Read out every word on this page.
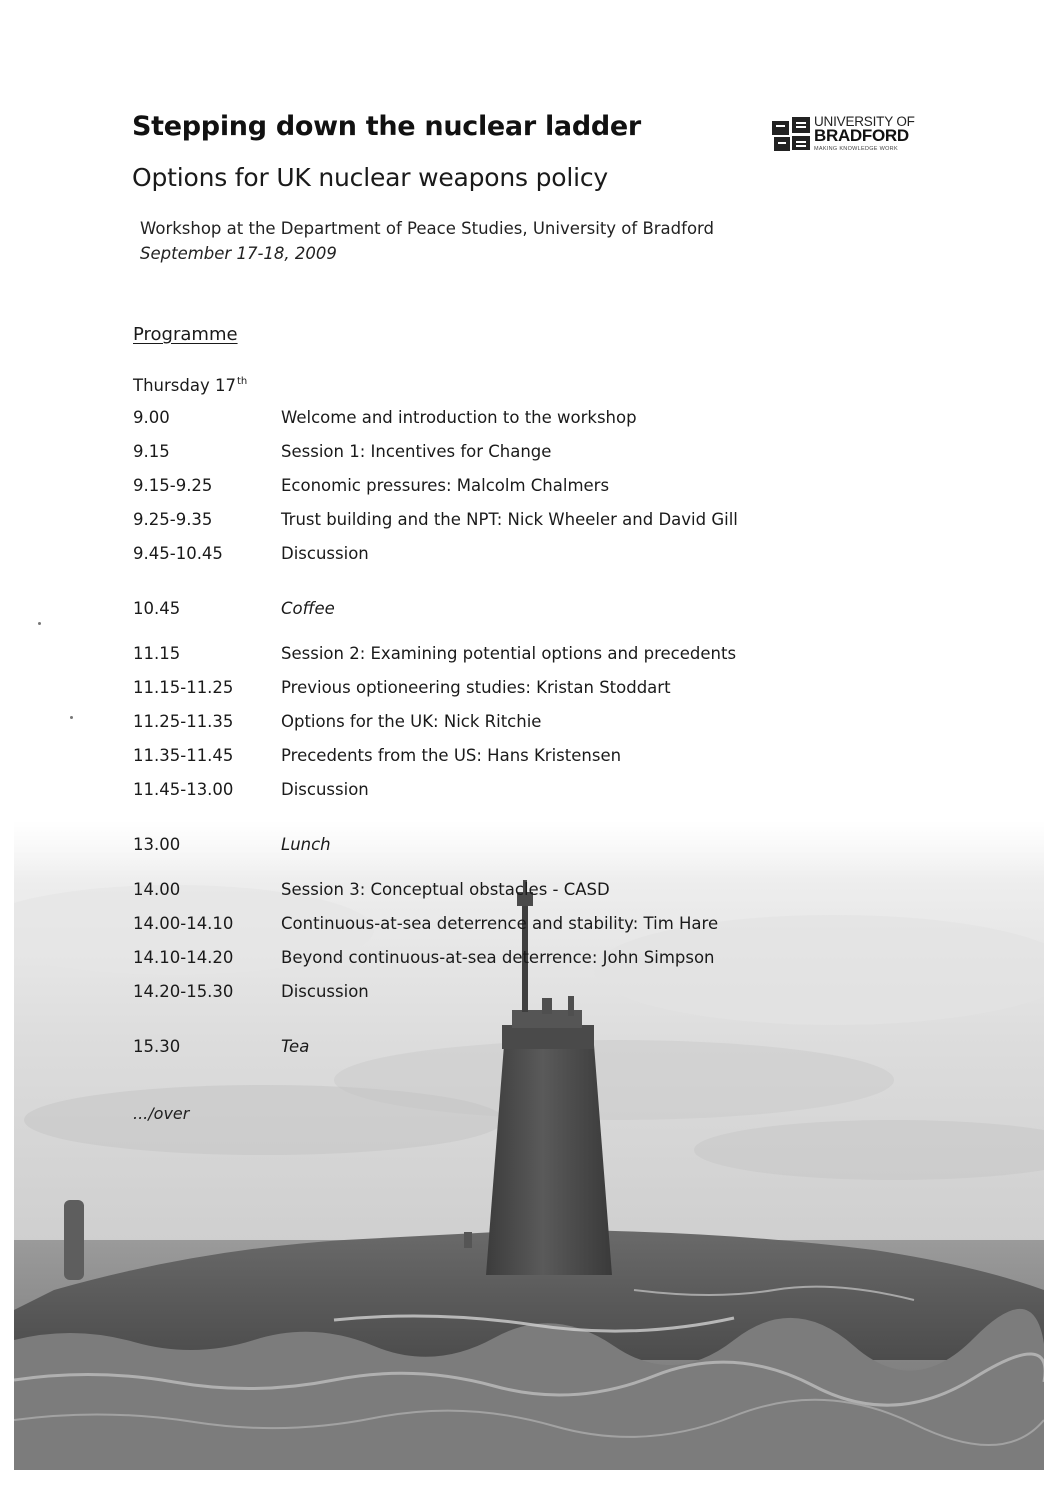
UNIVERSITY OF
BRADFORD
MAKING KNOWLEDGE WORK
Stepping down the nuclear ladder
Options for UK nuclear weapons policy
Workshop at the Department of Peace Studies, University of Bradford
September 17-18, 2009
Programme
Thursday 17th
9.00	Welcome and introduction to the workshop
9.15	Session 1: Incentives for Change
9.15-9.25	Economic pressures: Malcolm Chalmers
9.25-9.35	Trust building and the NPT: Nick Wheeler and David Gill
9.45-10.45	Discussion
10.45	Coffee
11.15	Session 2: Examining potential options and precedents
11.15-11.25	Previous optioneering studies: Kristan Stoddart
11.25-11.35	Options for the UK: Nick Ritchie
11.35-11.45	Precedents from the US: Hans Kristensen
11.45-13.00	Discussion
13.00	Lunch
14.00	Session 3: Conceptual obstacles - CASD
14.00-14.10	Continuous-at-sea deterrence and stability: Tim Hare
14.10-14.20	Beyond continuous-at-sea deterrence: John Simpson
14.20-15.30	Discussion
15.30	Tea
.../over
